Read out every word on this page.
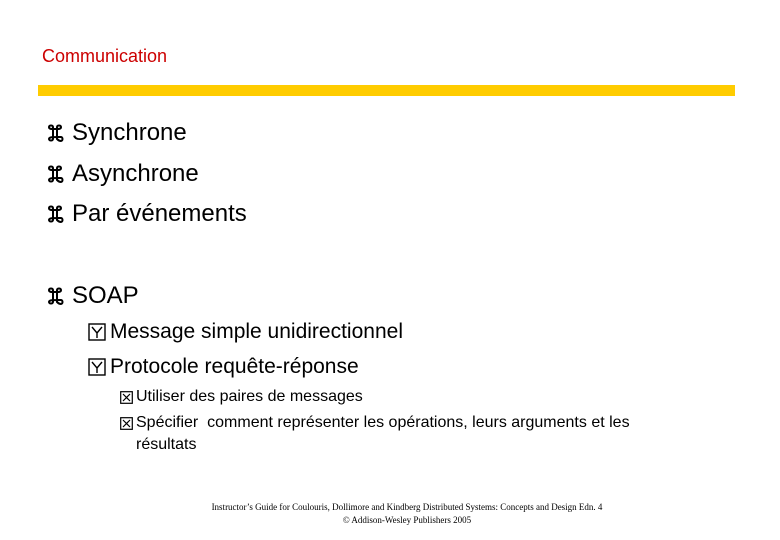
Communication
Synchrone
Asynchrone
Par événements
SOAP
Message simple unidirectionnel
Protocole requête-réponse
Utiliser des paires de messages
Spécifier  comment représenter les opérations, leurs arguments et les
résultats
Instructor’s Guide for Coulouris, Dollimore and Kindberg Distributed Systems: Concepts and Design Edn. 4
© Addison-Wesley Publishers 2005
